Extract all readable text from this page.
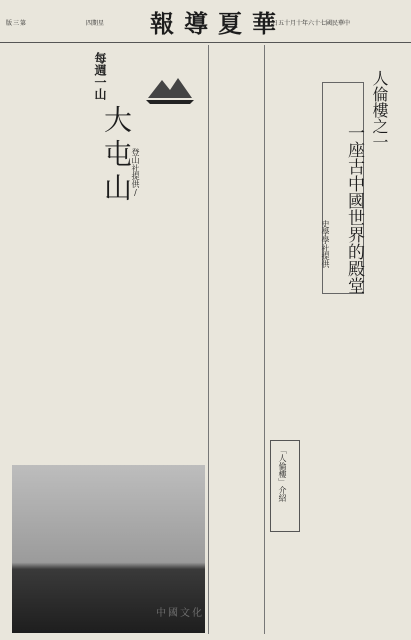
版三第	四期星 報導夏華
日五十月十年六十七國民華中
每週一山
大屯山
登山社提供/
人倫樓之一
一座古中國世界的殿堂
史學學社提供
「人倫樓」介紹
中國文化
